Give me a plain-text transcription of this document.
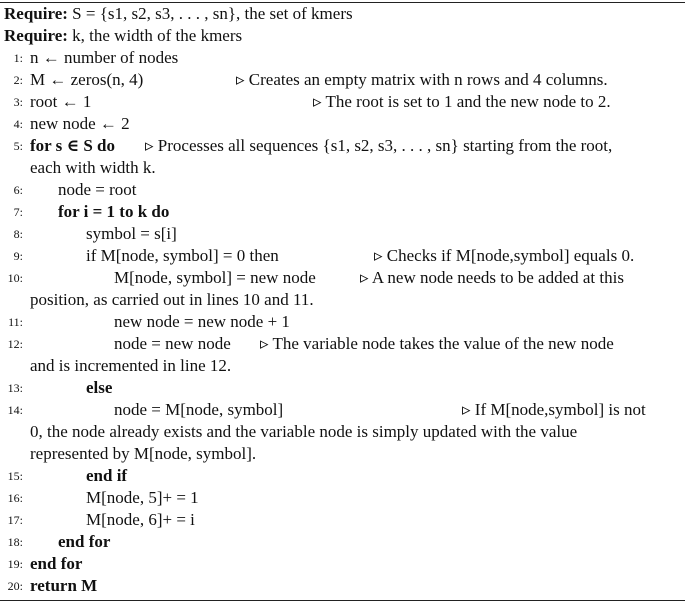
Require: S = {s1, s2, s3, . . . , sn}, the set of kmers
Require: k, the width of the kmers
1: n ← number of nodes
2: M ← zeros(n, 4)	▹ Creates an empty matrix with n rows and 4 columns.
3: root ← 1	▹ The root is set to 1 and the new node to 2.
4: new node ← 2
5: for s ∈ S do ▹ Processes all sequences {s1, s2, s3, . . . , sn} starting from the root,
each with width k.
6: node = root
7: for i = 1 to k do
8:	symbol = s[i]
9:	if M[node, symbol] = 0 then	▹ Checks if M[node,symbol] equals 0.
10:	M[node, symbol] = new node	▹ A new node needs to be added at this
position, as carried out in lines 10 and 11.
11:	new node = new node + 1
12:	node = new node ▹ The variable node takes the value of the new node
and is incremented in line 12.
13:	else
14:	node = M[node, symbol]	▹ If M[node,symbol] is not
0, the node already exists and the variable node is simply updated with the value
represented by M[node, symbol].
15:	end if
16:	M[node, 5]+ = 1
17:	M[node, 6]+ = i
18: end for
19: end for
20: return M
